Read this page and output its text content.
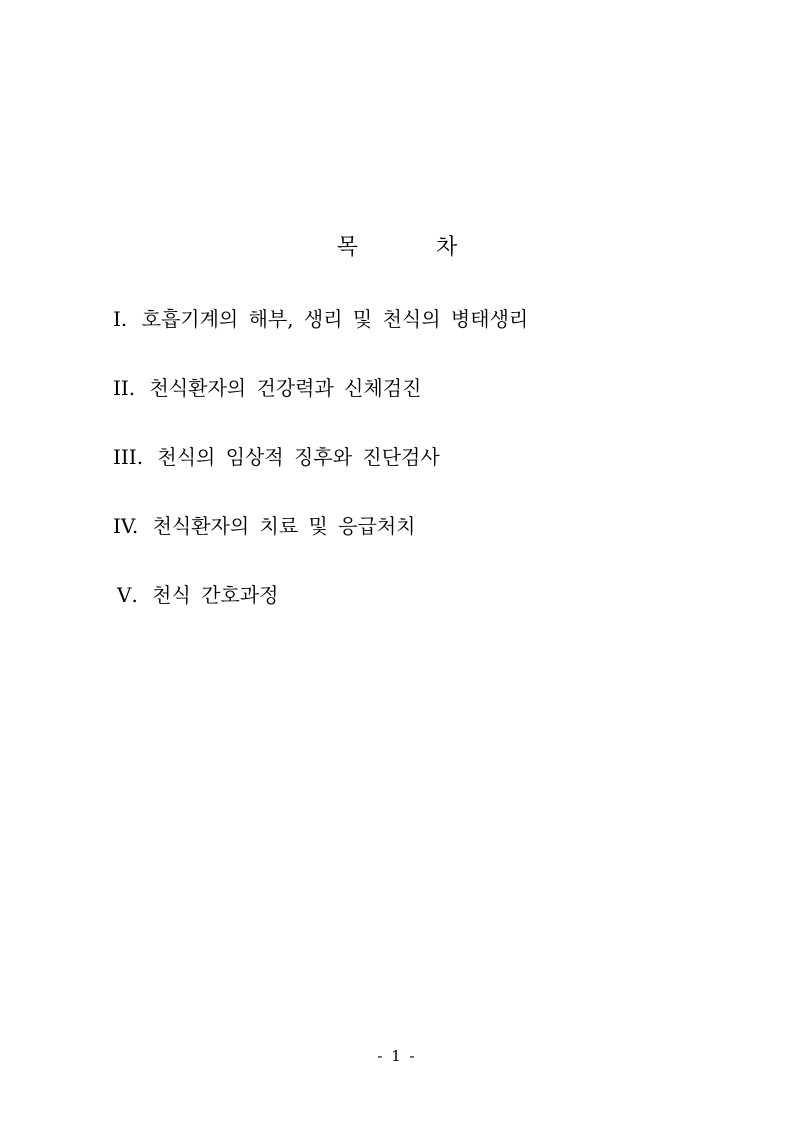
목	차
I. 호흡기계의 해부, 생리 및 천식의 병태생리
II. 천식환자의 건강력과 신체검진
III. 천식의 임상적 징후와 진단검사
IV. 천식환자의 치료 및 응급처치
Ⅴ. 천식 간호과정
- 1 -
